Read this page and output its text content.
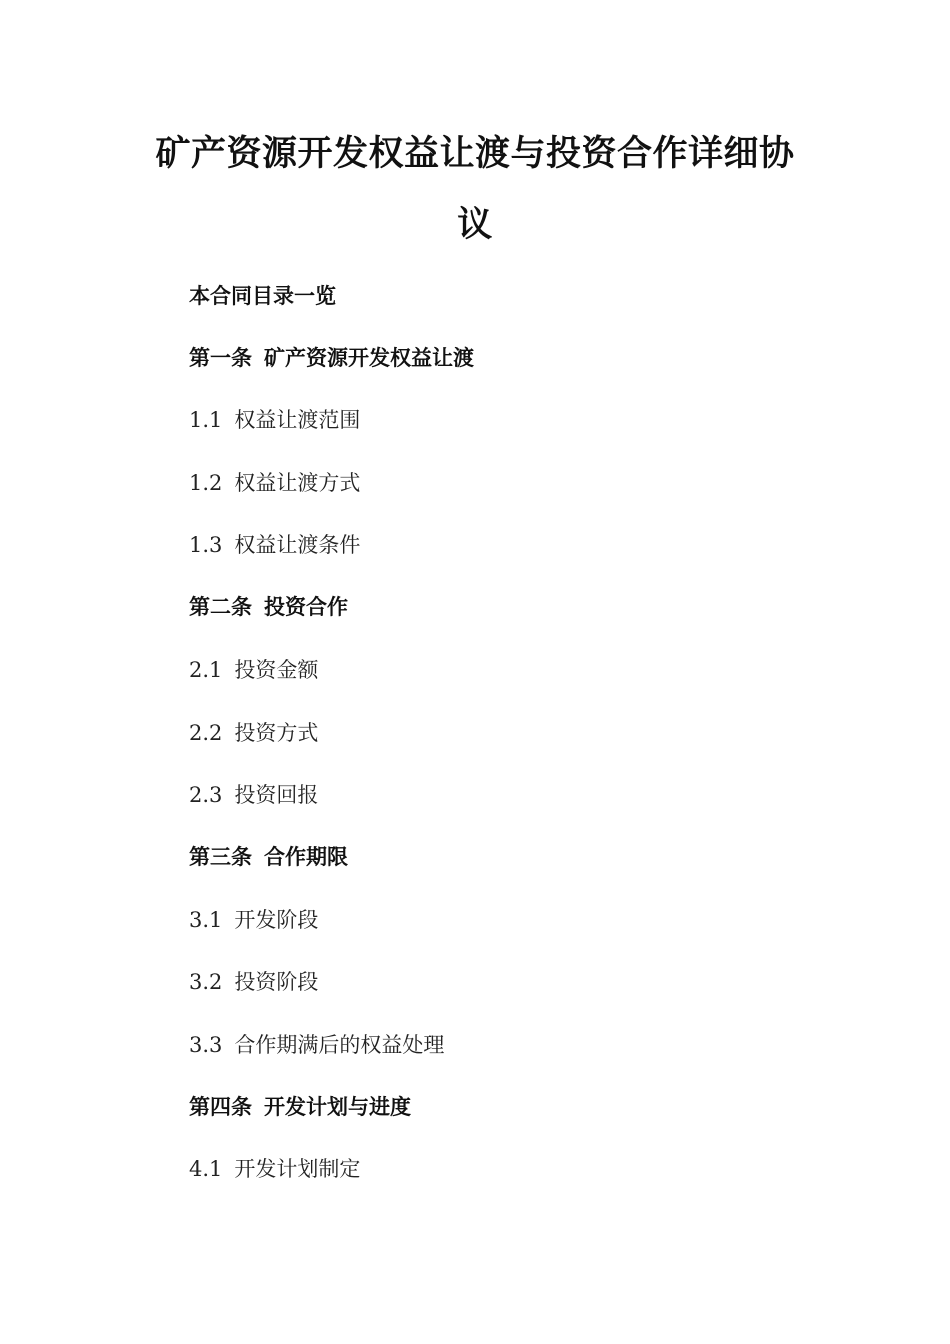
矿产资源开发权益让渡与投资合作详细协
议
本合同目录一览
第一条 矿产资源开发权益让渡
1.1 权益让渡范围
1.2 权益让渡方式
1.3 权益让渡条件
第二条 投资合作
2.1 投资金额
2.2 投资方式
2.3 投资回报
第三条 合作期限
3.1 开发阶段
3.2 投资阶段
3.3 合作期满后的权益处理
第四条 开发计划与进度
4.1 开发计划制定
